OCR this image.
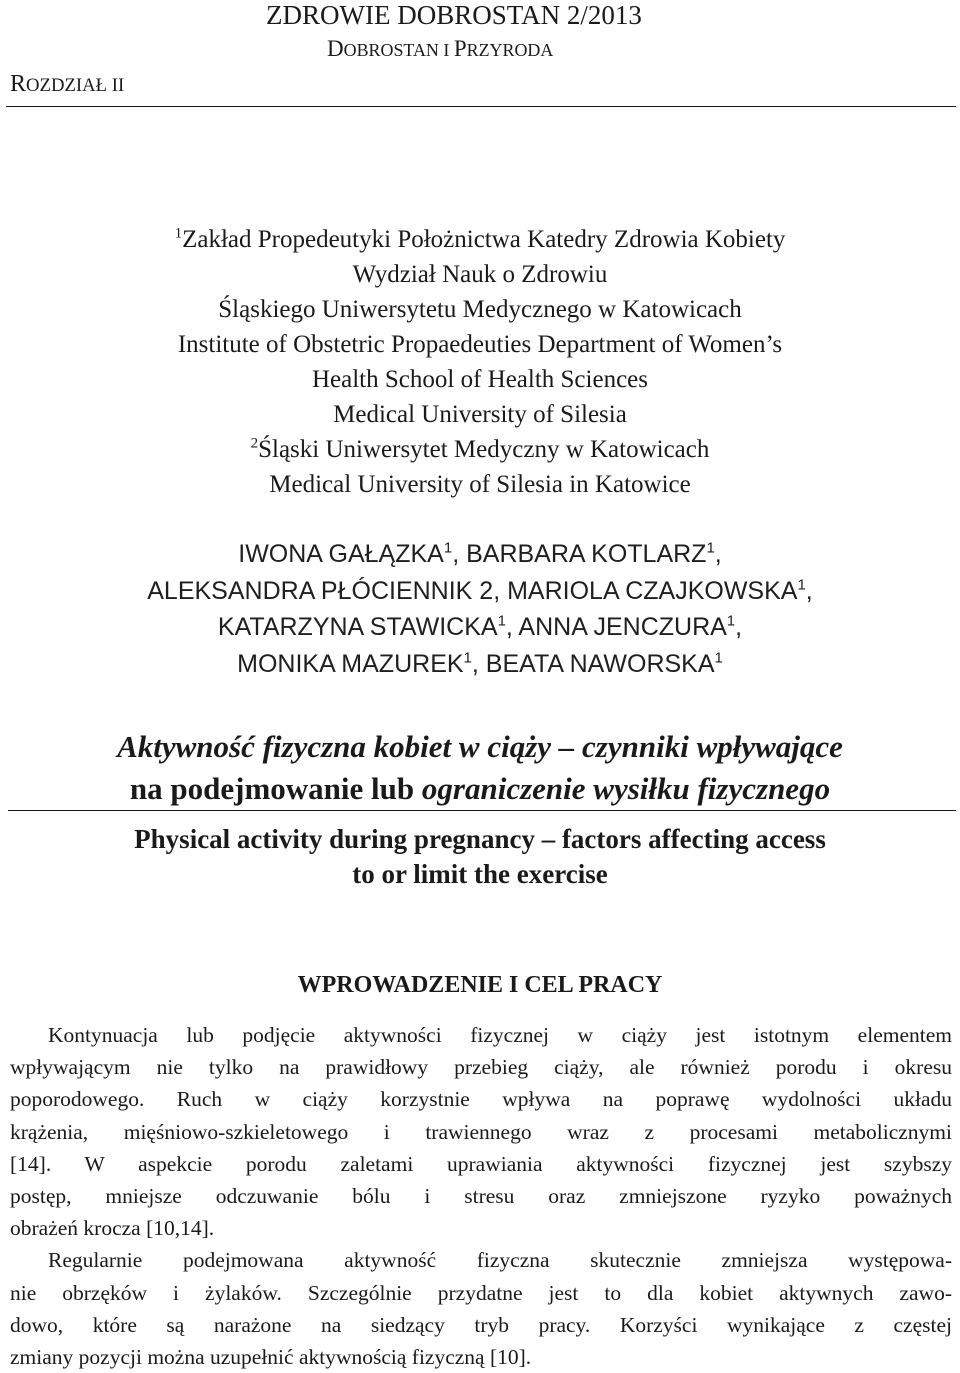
ZDROWIE DOBROSTAN 2/2013
DOBROSTAN I PRZYRODA
ROZDZIAŁ II
$^1$Zakład Propedeutyki Położnictwa Katedry Zdrowia Kobiety
Wydział Nauk o Zdrowiu
Śląskiego Uniwersytetu Medycznego w Katowicach
Institute of Obstetric Propaedeuties Department of Women’s
Health School of Health Sciences
Medical University of Silesia
$^2$Śląski Uniwersytet Medyczny w Katowicach
Medical University of Silesia in Katowice
IWONA GAŁĄZKA$^1$, BARBARA KOTLARZ$^1$,
ALEKSANDRA PŁÓCIENNIK 2, MARIOLA CZAJKOWSKA$^1$,
KATARZYNA STAWICKA$^1$, ANNA JENCZURA$^1$,
MONIKA MAZUREK$^1$, BEATA NAWORSKA$^1$
Aktywność fizyczna kobiet w ciąży – czynniki wpływające
na podejmowanie lub ograniczenie wysiłku fizycznego
Physical activity during pregnancy – factors affecting access
to or limit the exercise
WPROWADZENIE I CEL PRACY
Kontynuacja lub podjęcie aktywności fizycznej w ciąży jest istotnym elementem
wpływającym nie tylko na prawidłowy przebieg ciąży, ale również porodu i okresu
poporodowego. Ruch w ciąży korzystnie wpływa na poprawę wydolności układu
krążenia, mięśniowo-szkieletowego i trawiennego wraz z procesami metabolicznymi
[14]. W aspekcie porodu zaletami uprawiania aktywności fizycznej jest szybszy
postęp, mniejsze odczuwanie bólu i stresu oraz zmniejszone ryzyko poważnych
obrażeń krocza [10,14].
Regularnie podejmowana aktywność fizyczna skutecznie zmniejsza występowa-
nie obrzęków i żylaków. Szczególnie przydatne jest to dla kobiet aktywnych zawo-
dowo, które są narażone na siedzący tryb pracy. Korzyści wynikające z częstej
zmiany pozycji można uzupełnić aktywnością fizyczną [10].
